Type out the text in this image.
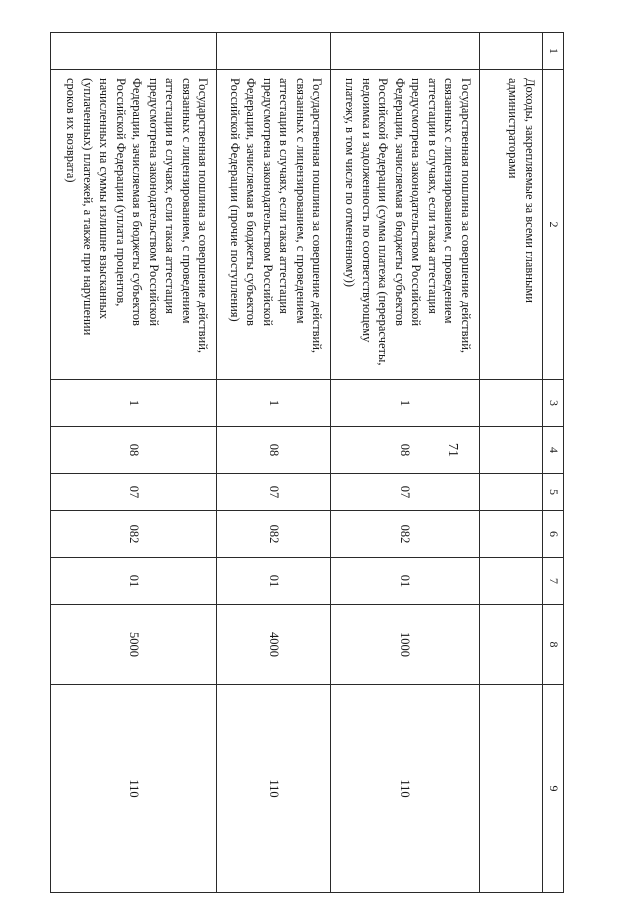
71
1	2	3	4	5	6	7	8	9
	Доходы, закрепляемые за всеми главными администраторами							
	Государственная пошлина за совершение действий, связанных с лицензированием, с проведением аттестации в случаях, если такая аттестация предусмотрена законодательством Российской Федерации, зачисляемая в бюджеты субъектов Российской Федерации (сумма платежа (перерасчеты, недоимка и задолженность по соответствующему платежу, в том числе по отмененному))	1	08	07	082	01	1000	110
	Государственная пошлина за совершение действий, связанных с лицензированием, с проведением аттестации в случаях, если такая аттестация предусмотрена законодательством Российской Федерации, зачисляемая в бюджеты субъектов Российской Федерации (прочие поступления)	1	08	07	082	01	4000	110
	Государственная пошлина за совершение действий, связанных с лицензированием, с проведением аттестации в случаях, если такая аттестация предусмотрена законодательством Российской Федерации, зачисляемая в бюджеты субъектов Российской Федерации (уплата процентов, начисленных на суммы излишне взысканных (уплаченных) платежей, а также при нарушении сроков их возврата)	1	08	07	082	01	5000	110
